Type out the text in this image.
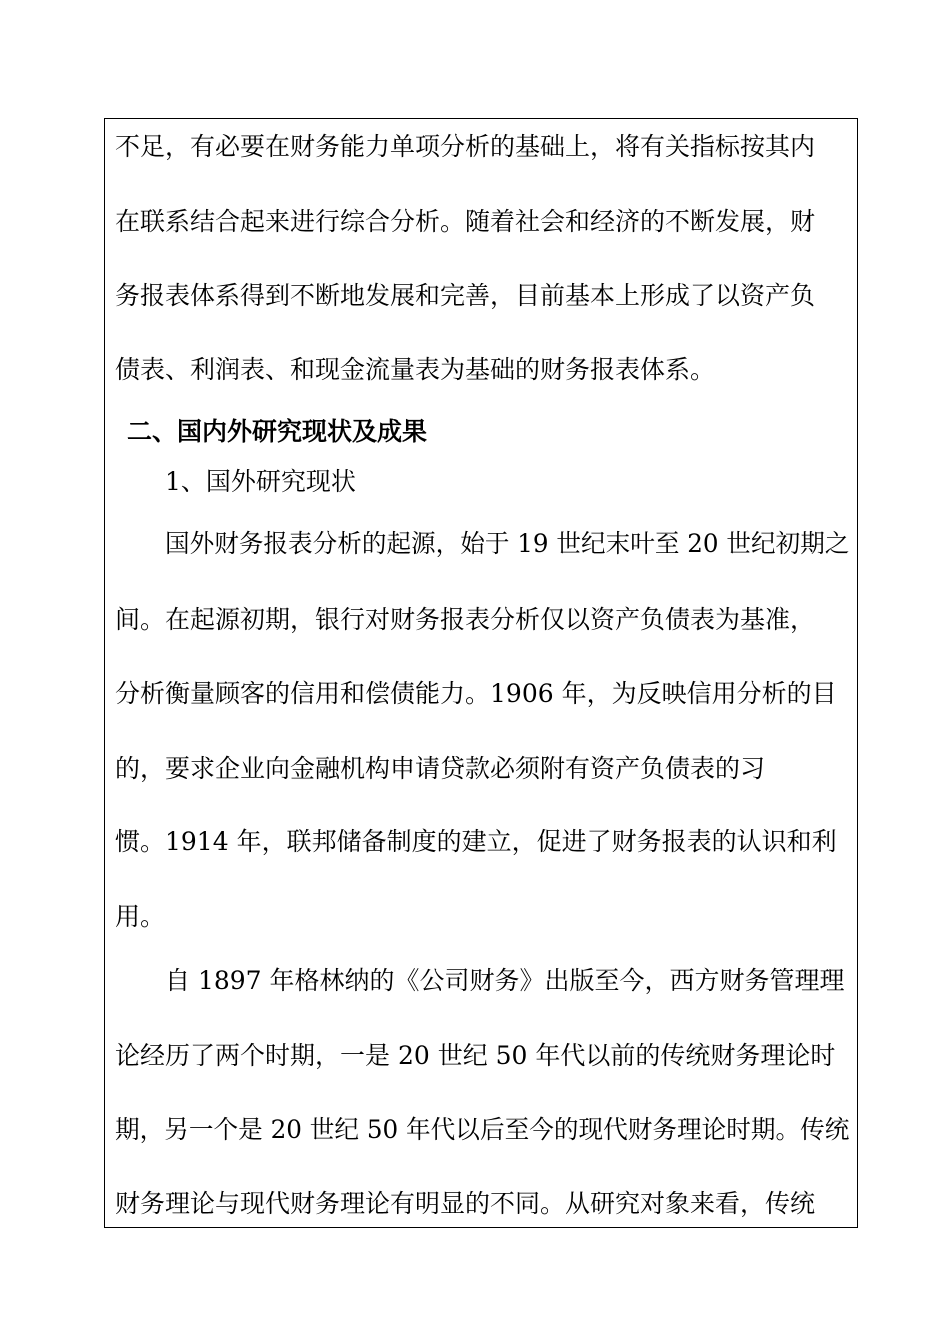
不足，有必要在财务能力单项分析的基础上，将有关指标按其内
在联系结合起来进行综合分析。随着社会和经济的不断发展，财
务报表体系得到不断地发展和完善，目前基本上形成了以资产负
债表、利润表、和现金流量表为基础的财务报表体系。
二、国内外研究现状及成果
1、国外研究现状
国外财务报表分析的起源，始于 19 世纪末叶至 20 世纪初期之
间。在起源初期，银行对财务报表分析仅以资产负债表为基准，
分析衡量顾客的信用和偿债能力。1906 年，为反映信用分析的目
的，要求企业向金融机构申请贷款必须附有资产负债表的习
惯。1914 年，联邦储备制度的建立，促进了财务报表的认识和利
用。
自 1897 年格林纳的《公司财务》出版至今，西方财务管理理
论经历了两个时期，一是 20 世纪 50 年代以前的传统财务理论时
期，另一个是 20 世纪 50 年代以后至今的现代财务理论时期。传统
财务理论与现代财务理论有明显的不同。从研究对象来看，传统
